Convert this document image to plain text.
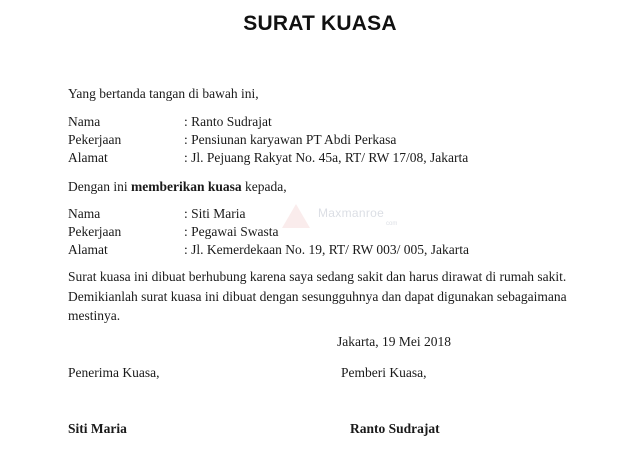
SURAT KUASA
Yang bertanda tangan di bawah ini,
Nama	: Ranto Sudrajat
Pekerjaan	: Pensiunan karyawan PT Abdi Perkasa
Alamat	: Jl. Pejuang Rakyat No. 45a, RT/ RW 17/08, Jakarta
Dengan ini memberikan kuasa kepada,
Nama	: Siti Maria
Pekerjaan	: Pegawai Swasta
Alamat	: Jl. Kemerdekaan No. 19, RT/ RW 003/ 005, Jakarta
Maxmanroe
com
Surat kuasa ini dibuat berhubung karena saya sedang sakit dan harus dirawat di rumah sakit.
Demikianlah surat kuasa ini dibuat dengan sesungguhnya dan dapat digunakan sebagaimana
mestinya.
Jakarta, 19 Mei 2018
Penerima Kuasa,	Pemberi Kuasa,
Siti Maria	Ranto Sudrajat
